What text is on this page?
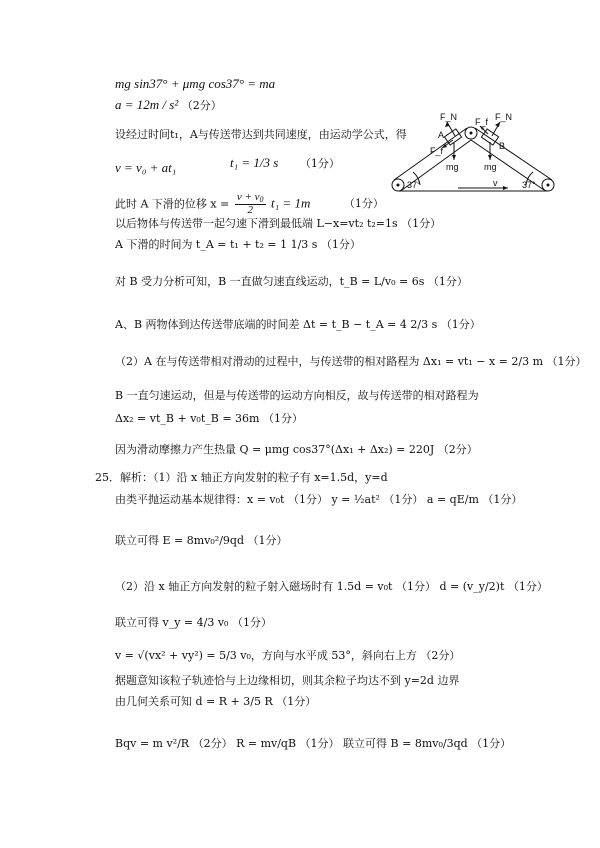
mg sin37° + μmg cos37° = ma
a = 12m / s² （2分）
设经过时间t₁，A与传送带达到共同速度，由运动学公式，得
v = v₀ + at₁	t₁ = 1/3 s （1分）
此时 A 下滑的位移 $x = \frac{v + v_0}{2} t_1 = 1m$	（1分）
以后物体与传送带一起匀速下滑到最低端 L−x=vt₂ t₂=1s （1分）
A 下滑的时间为 t_A = t₁ + t₂ = 1 1/3 s （1分）
对 B 受力分析可知，B 一直做匀速直线运动，t_B = L/v₀ = 6s （1分）
A、B 两物体到达传送带底端的时间差 Δt = t_B − t_A = 4 2/3 s （1分）
（2）A 在与传送带相对滑动的过程中，与传送带的相对路程为 Δx₁ = vt₁ − x = 2/3 m （1分）
B 一直匀速运动，但是与传送带的运动方向相反，故与传送带的相对路程为
Δx₂ = vt_B + v₀t_B = 36m （1分）
因为滑动摩擦力产生热量 Q = μmg cos37°(Δx₁ + Δx₂) = 220J （2分）
25．解析：（1）沿 x 轴正方向发射的粒子有 x=1.5d，y=d
由类平抛运动基本规律得：x = v₀t （1分） y = ½at² （1分） a = qE/m （1分）
联立可得 E = 8mv₀²/9qd （1分）
（2）沿 x 轴正方向发射的粒子射入磁场时有 1.5d = v₀t （1分） d = (v_y/2)t （1分）
联立可得 v_y = 4/3 v₀ （1分）
v = √(vx² + vy²) = 5/3 v₀，方向与水平成 53°，斜向右上方 （2分）
据题意知该粒子轨迹恰与上边缘相切，则其余粒子均达不到 y=2d 边界
由几何关系可知 d = R + 3/5 R （1分）
Bqv = m v²/R （2分） R = mv/qB （1分） 联立可得 B = 8mv₀/3qd （1分）
A
B
F_N
F_f
F_f F_N
mg	mg
v
37°	37°
